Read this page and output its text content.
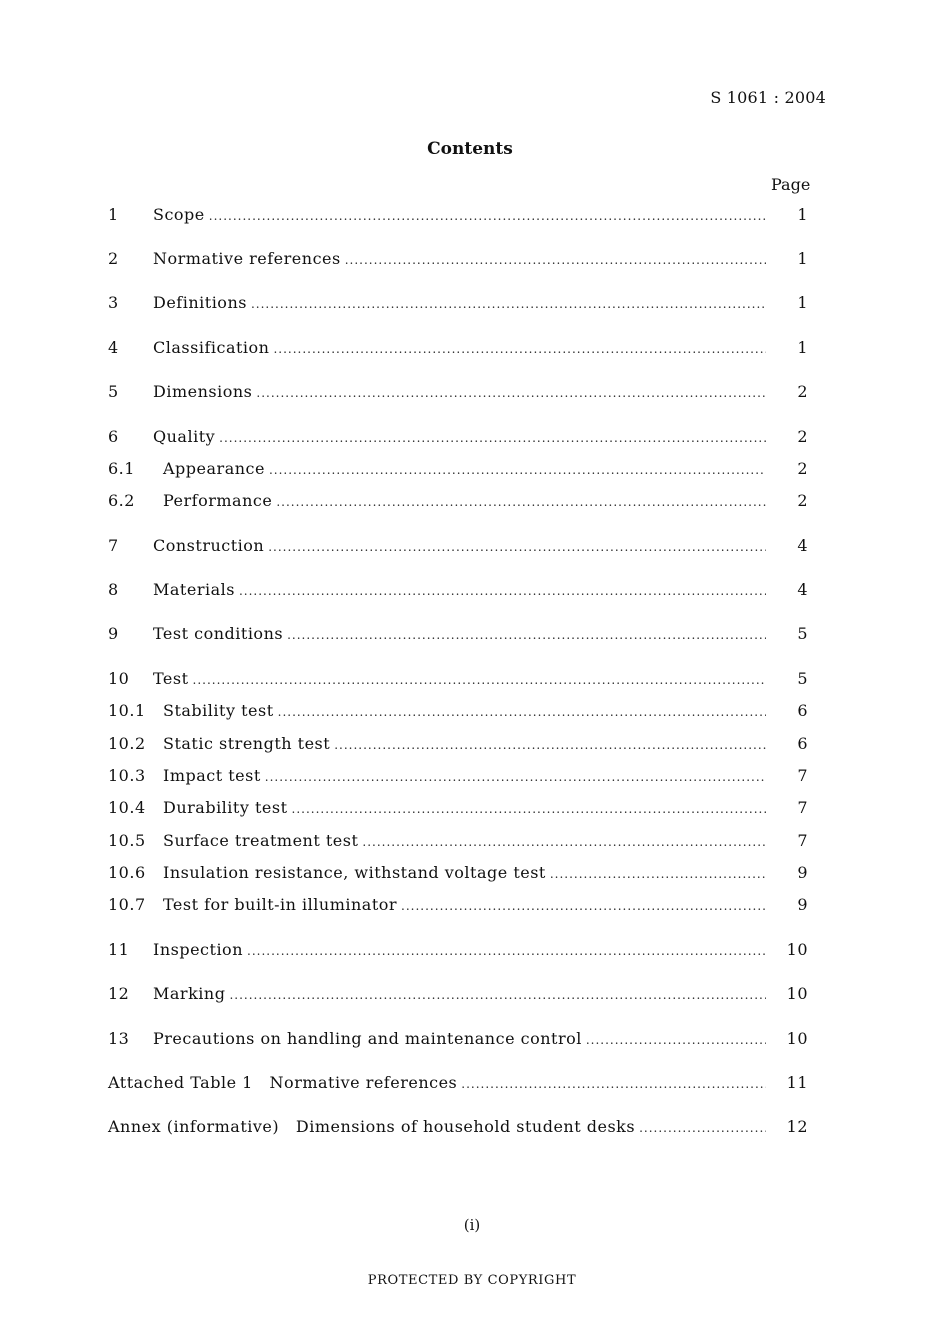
S 1061 : 2004
Contents
Page
1	Scope .....	1
2	Normative references .....	1
3	Definitions .....	1
4	Classification .....	1
5	Dimensions .....	2
6	Quality .....	2
6.1	Appearance .....	2
6.2	Performance .....	2
7	Construction .....	4
8	Materials .....	4
9	Test conditions .....	5
10	Test .....	5
10.1	Stability test .....	6
10.2	Static strength test .....	6
10.3	Impact test .....	7
10.4	Durability test .....	7
10.5	Surface treatment test .....	7
10.6	Insulation resistance, withstand voltage test .....	9
10.7	Test for built-in illuminator .....	9
11	Inspection .....	10
12	Marking .....	10
13	Precautions on handling and maintenance control .....	10
Attached Table 1   Normative references .....	11
Annex (informative)   Dimensions of household student desks .....	12
(i)
PROTECTED BY COPYRIGHT
